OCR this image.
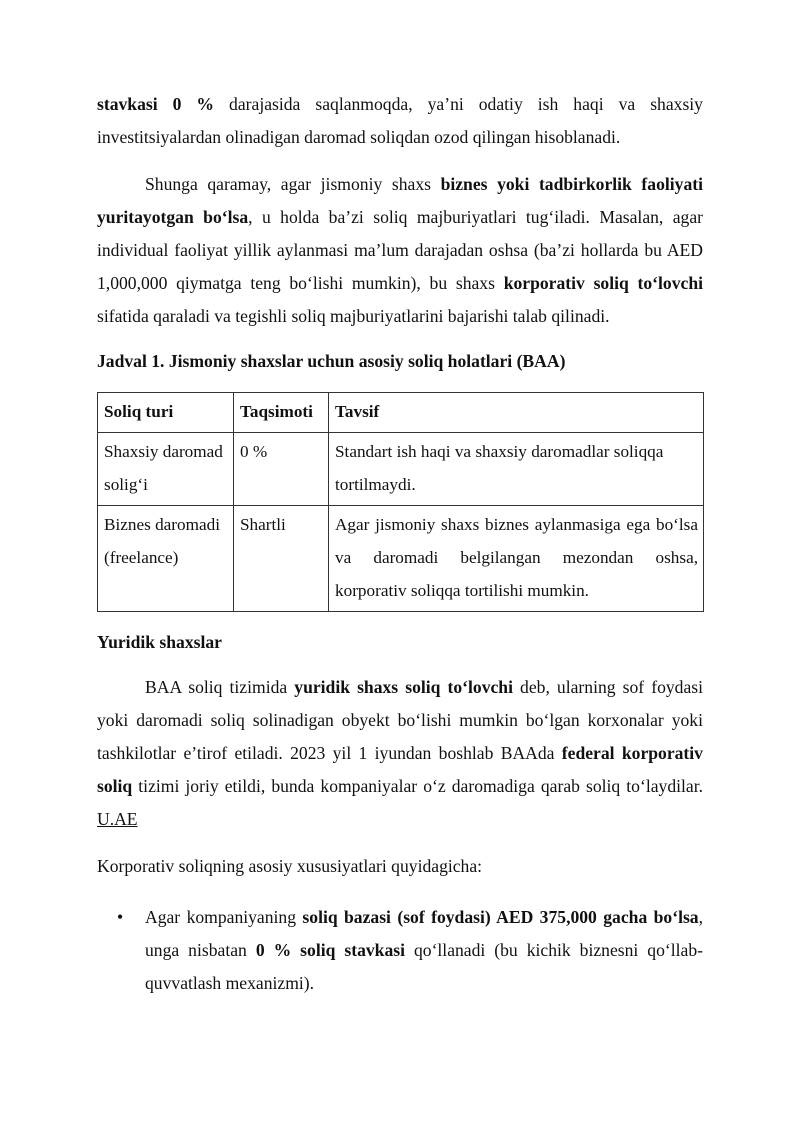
stavkasi 0 % darajasida saqlanmoqda, ya’ni odatiy ish haqi va shaxsiy investitsiyalardan olinadigan daromad soliqdan ozod qilingan hisoblanadi.

Shunga qaramay, agar jismoniy shaxs biznes yoki tadbirkorlik faoliyati yuritayotgan bo‘lsa, u holda ba’zi soliq majburiyatlari tug‘iladi. Masalan, agar individual faoliyat yillik aylanmasi ma’lum darajadan oshsa (ba’zi hollarda bu AED 1,000,000 qiymatga teng bo‘lishi mumkin), bu shaxs korporativ soliq to‘lovchi sifatida qaraladi va tegishli soliq majburiyatlarini bajarishi talab qilinadi.

Jadval 1. Jismoniy shaxslar uchun asosiy soliq holatlari (BAA)
Soliq turi	Taqsimoti	Tavsif
Shaxsiy daromad solig‘i	0 %	Standart ish haqi va shaxsiy daromadlar soliqqa tortilmaydi.
Biznes daromadi (freelance)	Shartli	Agar jismoniy shaxs biznes aylanmasiga ega bo‘lsa va daromadi belgilangan mezondan oshsa, korporativ soliqqa tortilishi mumkin.
Yuridik shaxslar

BAA soliq tizimida yuridik shaxs soliq to‘lovchi deb, ularning sof foydasi yoki daromadi soliq solinadigan obyekt bo‘lishi mumkin bo‘lgan korxonalar yoki tashkilotlar e’tirof etiladi. 2023 yil 1 iyundan boshlab BAAda federal korporativ soliq tizimi joriy etildi, bunda kompaniyalar o‘z daromadiga qarab soliq to‘laydilar. U.AE

Korporativ soliqning asosiy xususiyatlari quyidagicha:

•	Agar kompaniyaning soliq bazasi (sof foydasi) AED 375,000 gacha bo‘lsa, unga nisbatan 0 % soliq stavkasi qo‘llanadi (bu kichik biznesni qo‘llab-quvvatlash mexanizmi).
